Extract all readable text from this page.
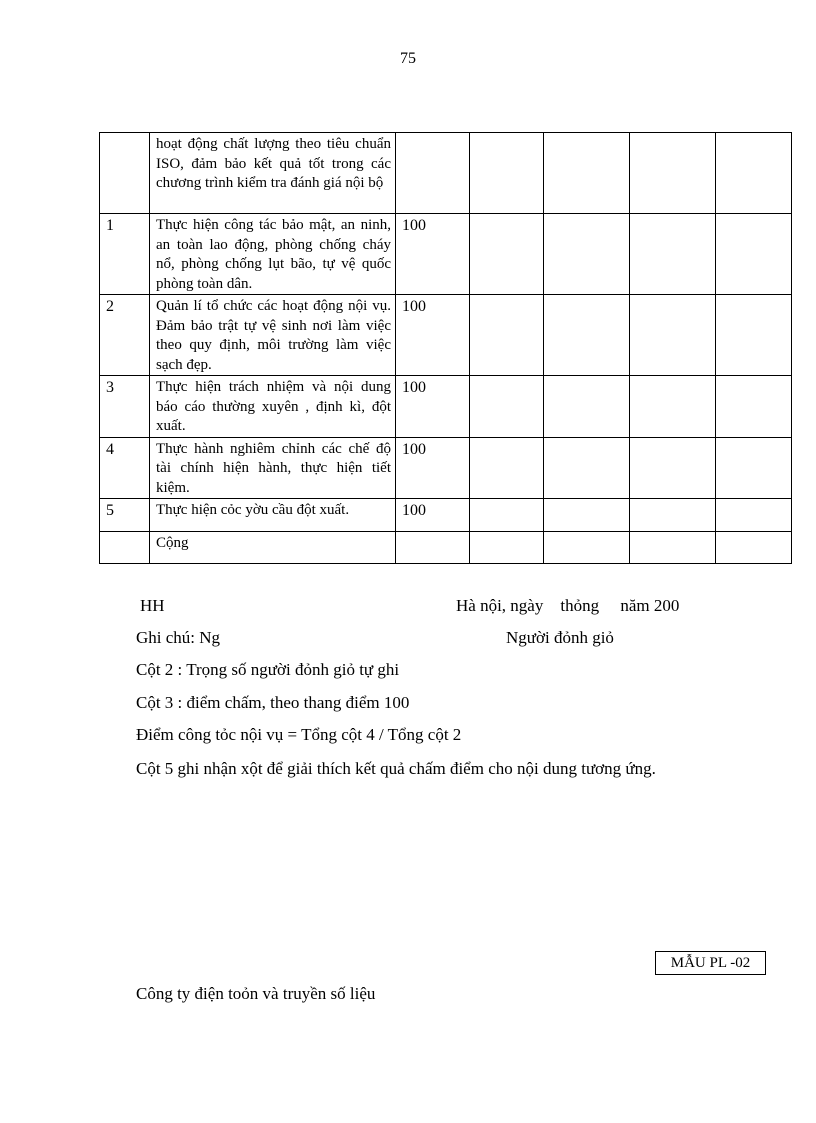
75
	hoạt động chất lượng theo tiêu chuẩn ISO, đảm bảo kết quả tốt trong các chương trình kiểm tra đánh giá nội bộ					
1	Thực hiện công tác bảo mật, an ninh, an toàn lao động, phòng chống cháy nổ, phòng chống lụt bão, tự vệ quốc phòng toàn dân.	100				
2	Quản lí tổ chức các hoạt động nội vụ. Đảm bảo trật tự vệ sinh nơi làm việc theo quy định, môi trường làm việc sạch đẹp.	100				
3	Thực hiện trách nhiệm và nội dung báo cáo thường xuyên , định kì, đột xuất.	100				
4	Thực hành nghiêm chỉnh các chế độ tài chính hiện hành, thực hiện tiết kiệm.	100				
5	Thực hiện cỏc yờu cầu đột xuất.	100				
	Cộng					
HH	Hà nội, ngày    thỏng     năm 200
Ghi chú: Ng	Người đỏnh giỏ
Cột 2 : Trọng số người đỏnh giỏ tự ghi
Cột 3 : điểm chấm, theo thang điểm 100
Điểm công tỏc nội vụ = Tổng cột 4 / Tổng cột 2
Cột 5 ghi nhận xột để giải thích kết quả chấm điểm cho nội dung tương ứng.
MẪU PL -02
Công ty điện toỏn và truyền số liệu
